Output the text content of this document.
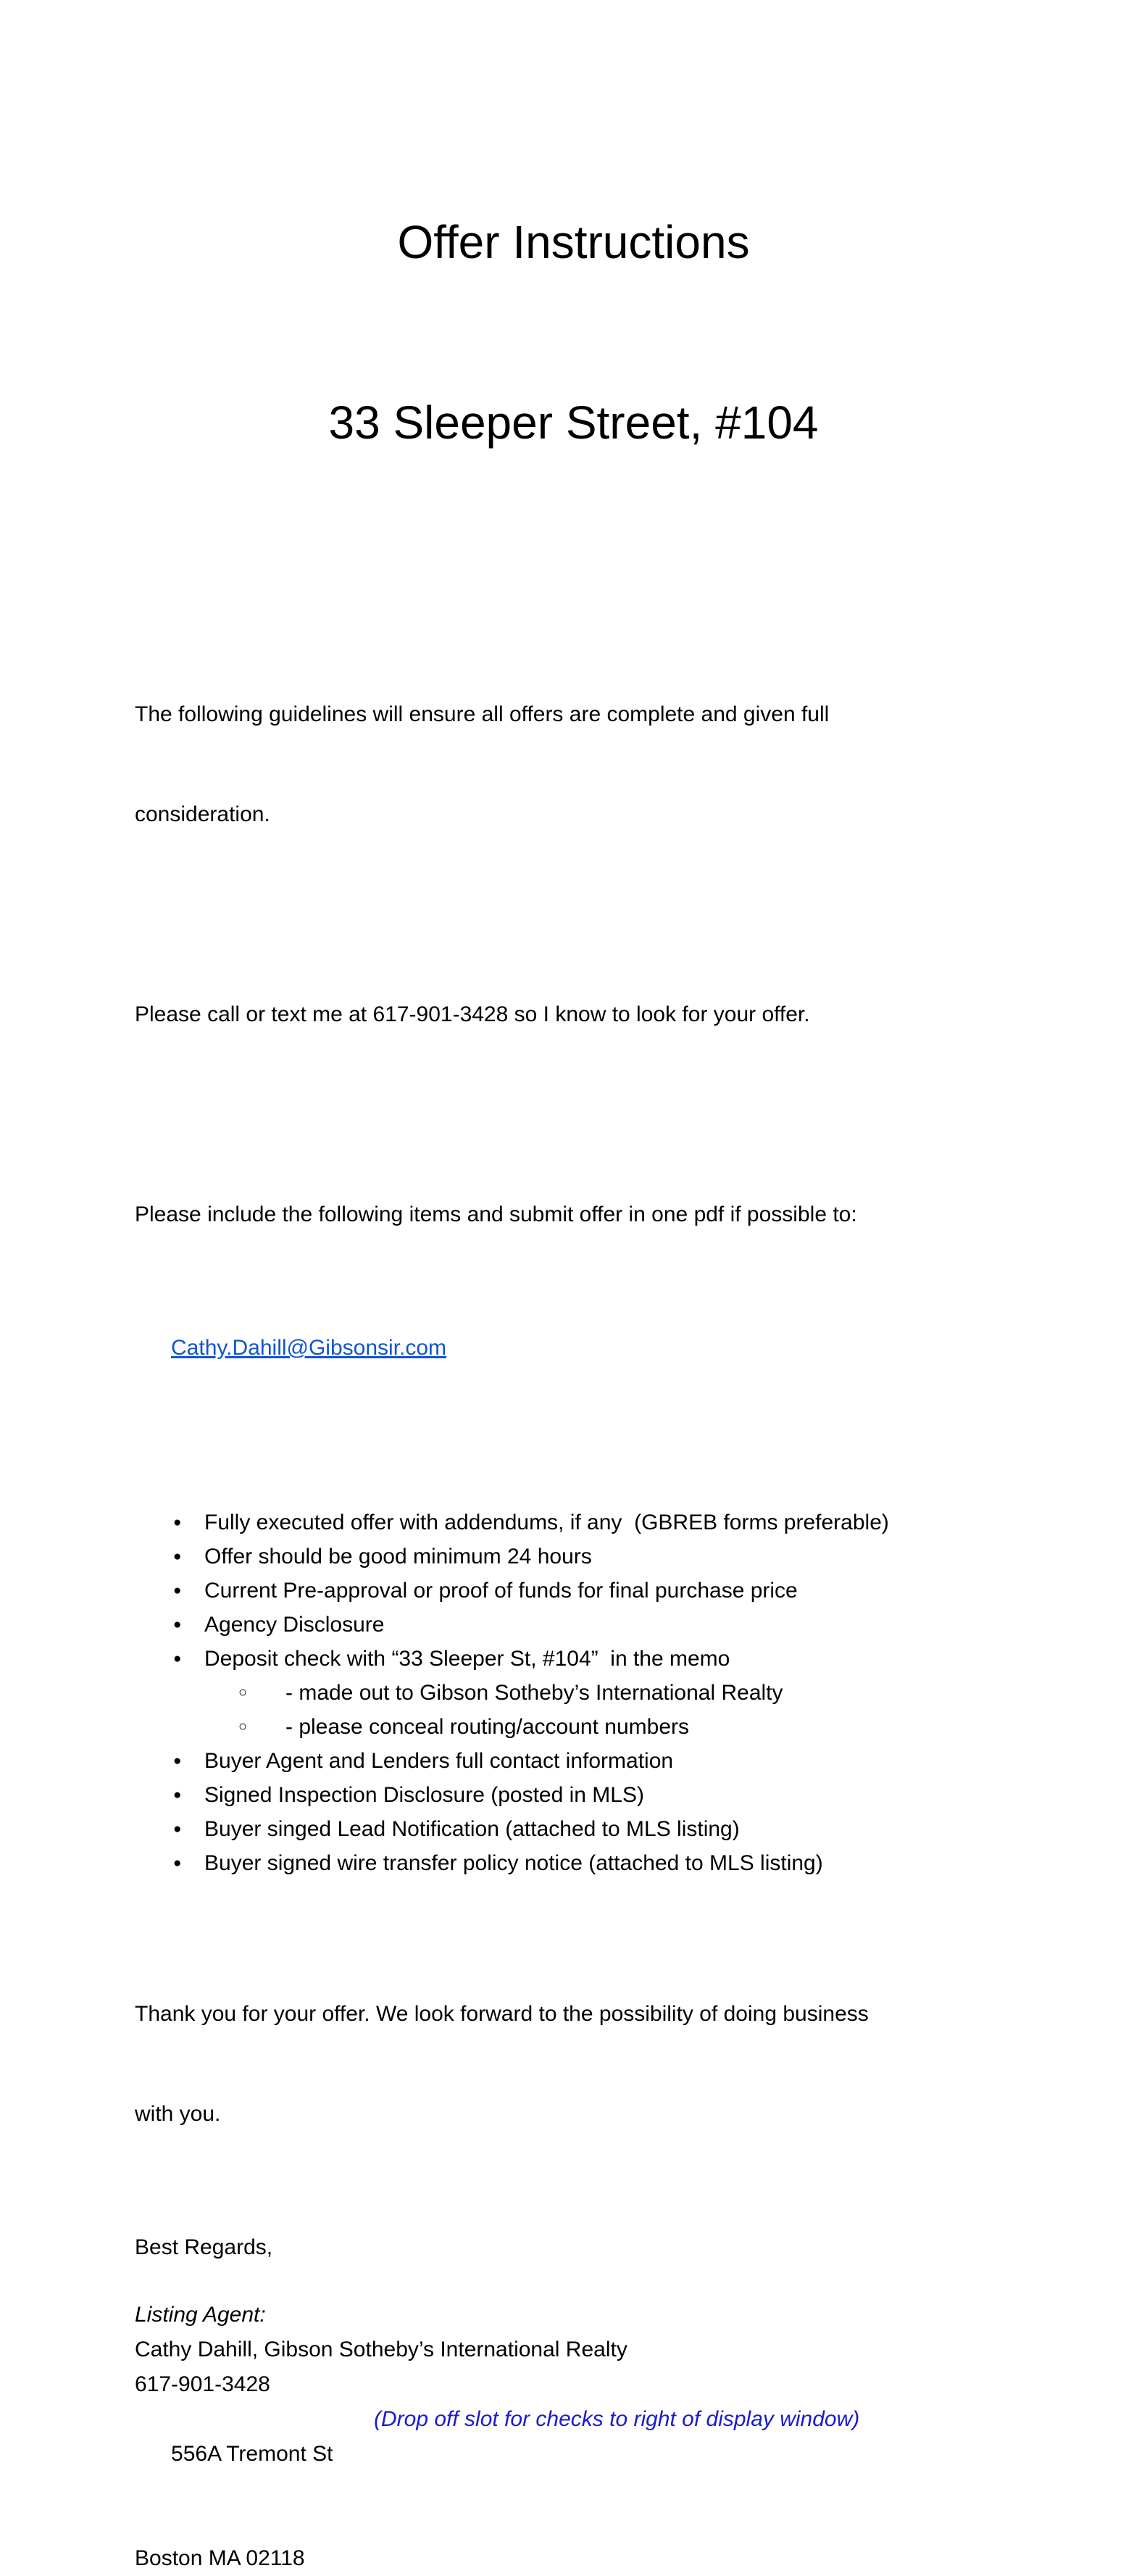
Offer Instructions

33 Sleeper Street, #104

The following guidelines will ensure all offers are complete and given full

consideration.

Please call or text me at 617-901-3428 so I know to look for your offer.

Please include the following items and submit offer in one pdf if possible to:

Cathy.Dahill@Gibsonsir.com

● Fully executed offer with addendums, if any  (GBREB forms preferable)
● Offer should be good minimum 24 hours
● Current Pre-approval or proof of funds for final purchase price
● Agency Disclosure
● Deposit check with “33 Sleeper St, #104”  in the memo
○ - made out to Gibson Sotheby’s International Realty
○ - please conceal routing/account numbers
● Buyer Agent and Lenders full contact information
● Signed Inspection Disclosure (posted in MLS)
● Buyer singed Lead Notification (attached to MLS listing)
● Buyer signed wire transfer policy notice (attached to MLS listing)

Thank you for your offer. We look forward to the possibility of doing business

with you.

Best Regards,
Listing Agent:
Cathy Dahill, Gibson Sotheby’s International Realty
617-901-3428

556A Tremont St

(Drop off slot for checks to right of display window)

Boston MA 02118
